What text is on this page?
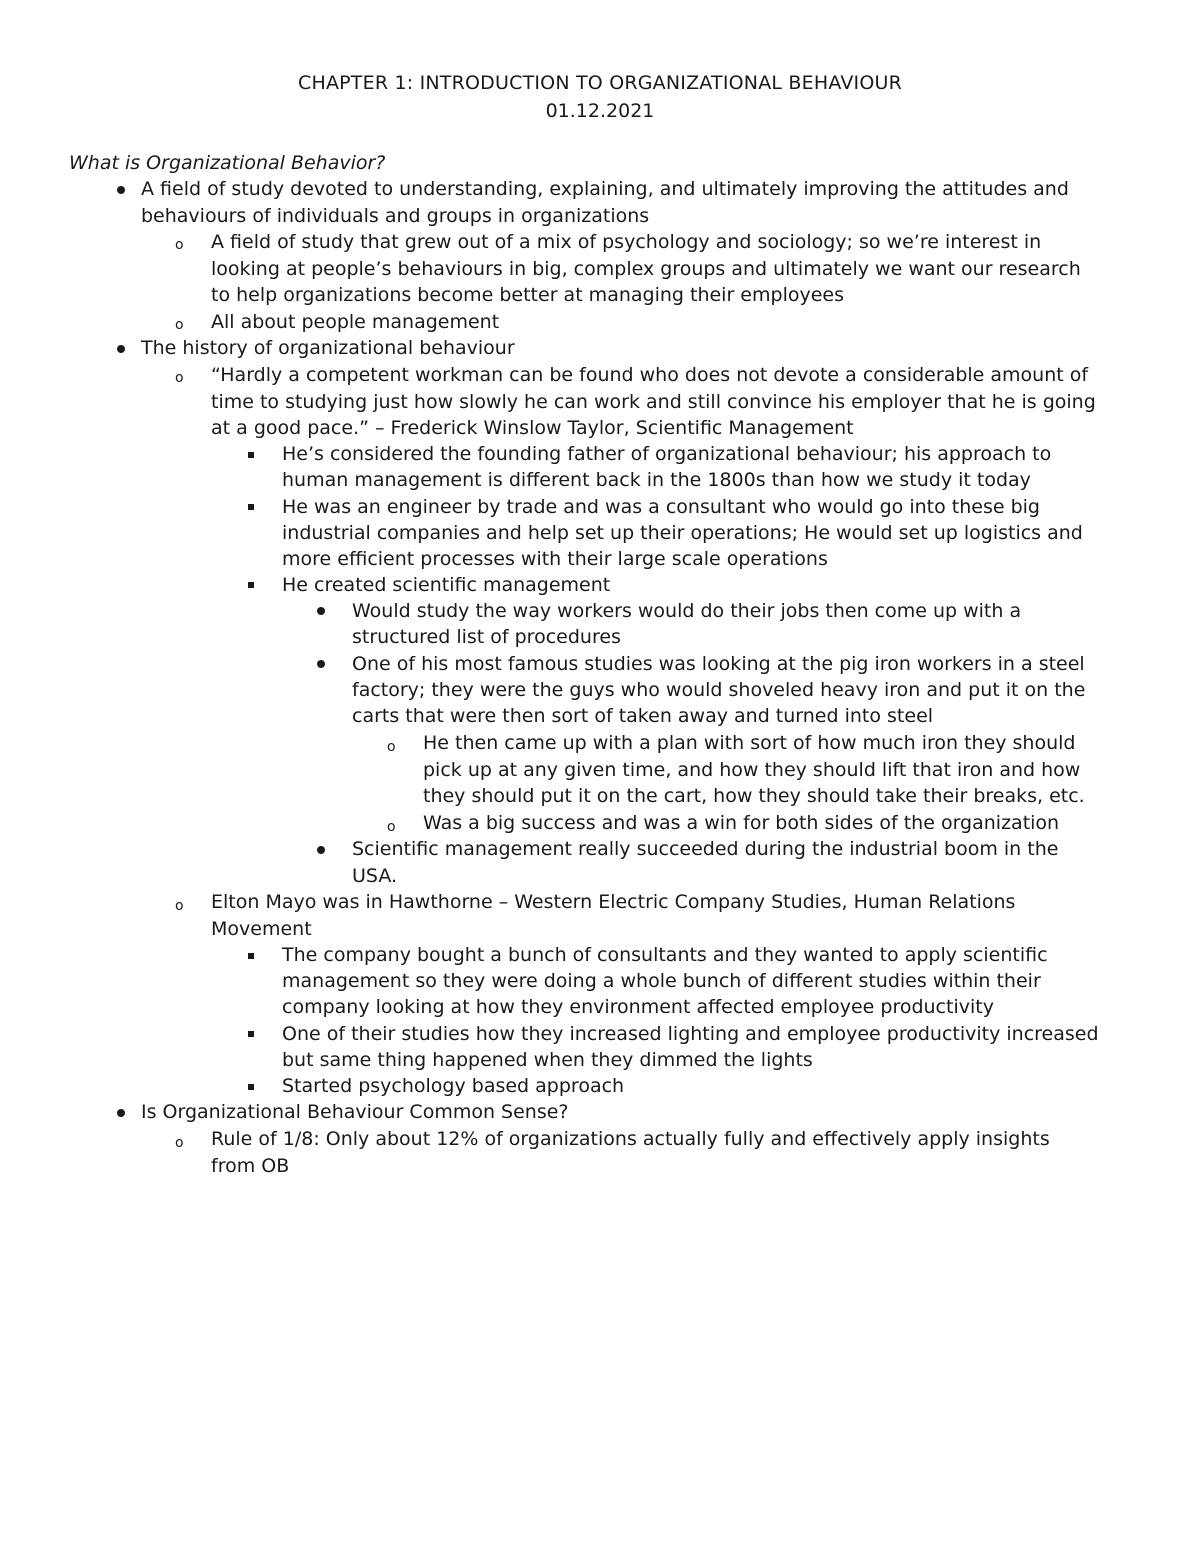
CHAPTER 1: INTRODUCTION TO ORGANIZATIONAL BEHAVIOUR
01.12.2021
What is Organizational Behavior?
o
o
o
o
o
o
o
A field of study devoted to understanding, explaining, and ultimately improving the attitudes and
behaviours of individuals and groups in organizations
A field of study that grew out of a mix of psychology and sociology; so we’re interest in
looking at people’s behaviours in big, complex groups and ultimately we want our research
to help organizations become better at managing their employees
All about people management
The history of organizational behaviour
“Hardly a competent workman can be found who does not devote a considerable amount of
time to studying just how slowly he can work and still convince his employer that he is going
at a good pace.” – Frederick Winslow Taylor, Scientific Management
He’s considered the founding father of organizational behaviour; his approach to
human management is different back in the 1800s than how we study it today
He was an engineer by trade and was a consultant who would go into these big
industrial companies and help set up their operations; He would set up logistics and
more efficient processes with their large scale operations
He created scientific management
Would study the way workers would do their jobs then come up with a
structured list of procedures
One of his most famous studies was looking at the pig iron workers in a steel
factory; they were the guys who would shoveled heavy iron and put it on the
carts that were then sort of taken away and turned into steel
He then came up with a plan with sort of how much iron they should
pick up at any given time, and how they should lift that iron and how
they should put it on the cart, how they should take their breaks, etc.
Was a big success and was a win for both sides of the organization
Scientific management really succeeded during the industrial boom in the
USA.
Elton Mayo was in Hawthorne – Western Electric Company Studies, Human Relations
Movement
The company bought a bunch of consultants and they wanted to apply scientific
management so they were doing a whole bunch of different studies within their
company looking at how they environment affected employee productivity
One of their studies how they increased lighting and employee productivity increased
but same thing happened when they dimmed the lights
Started psychology based approach
Is Organizational Behaviour Common Sense?
Rule of 1/8: Only about 12% of organizations actually fully and effectively apply insights
from OB
